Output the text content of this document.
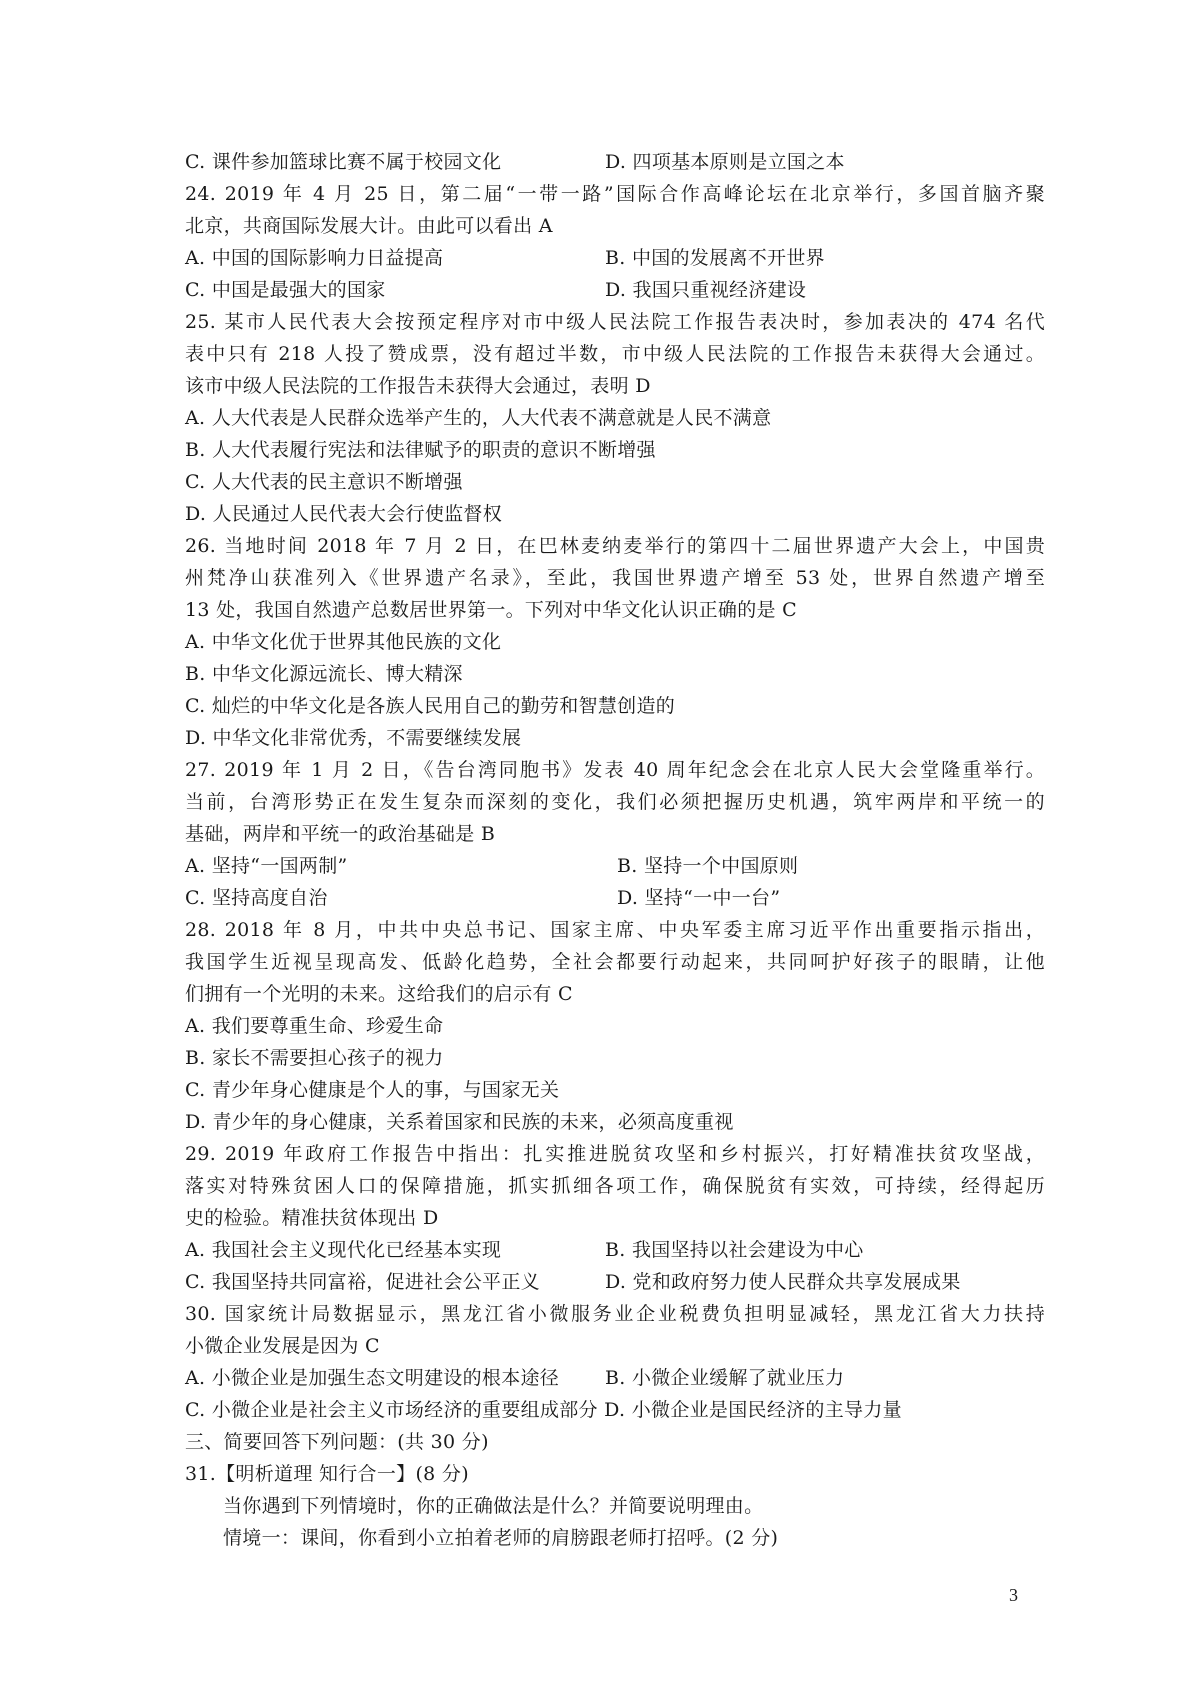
C. 课件参加篮球比赛不属于校园文化	D. 四项基本原则是立国之本
24. 2019 年 4 月 25 日，第二届“一带一路”国际合作高峰论坛在北京举行，多国首脑齐聚
北京，共商国际发展大计。由此可以看出 A
A. 中国的国际影响力日益提高	B. 中国的发展离不开世界
C. 中国是最强大的国家	D. 我国只重视经济建设
25. 某市人民代表大会按预定程序对市中级人民法院工作报告表决时，参加表决的 474 名代
表中只有 218 人投了赞成票，没有超过半数，市中级人民法院的工作报告未获得大会通过。
该市中级人民法院的工作报告未获得大会通过，表明 D
A. 人大代表是人民群众选举产生的，人大代表不满意就是人民不满意
B. 人大代表履行宪法和法律赋予的职责的意识不断增强
C. 人大代表的民主意识不断增强
D. 人民通过人民代表大会行使监督权
26. 当地时间 2018 年 7 月 2 日，在巴林麦纳麦举行的第四十二届世界遗产大会上，中国贵
州梵净山获准列入《世界遗产名录》，至此，我国世界遗产增至 53 处，世界自然遗产增至
13 处，我国自然遗产总数居世界第一。下列对中华文化认识正确的是 C
A. 中华文化优于世界其他民族的文化
B. 中华文化源远流长、博大精深
C. 灿烂的中华文化是各族人民用自己的勤劳和智慧创造的
D. 中华文化非常优秀，不需要继续发展
27. 2019 年 1 月 2 日，《告台湾同胞书》发表 40 周年纪念会在北京人民大会堂隆重举行。
当前，台湾形势正在发生复杂而深刻的变化，我们必须把握历史机遇，筑牢两岸和平统一的
基础，两岸和平统一的政治基础是 B
A. 坚持“一国两制”	B. 坚持一个中国原则
C. 坚持高度自治	D. 坚持“一中一台”
28. 2018 年 8 月，中共中央总书记、国家主席、中央军委主席习近平作出重要指示指出，
我国学生近视呈现高发、低龄化趋势，全社会都要行动起来，共同呵护好孩子的眼睛，让他
们拥有一个光明的未来。这给我们的启示有 C
A. 我们要尊重生命、珍爱生命
B. 家长不需要担心孩子的视力
C. 青少年身心健康是个人的事，与国家无关
D. 青少年的身心健康，关系着国家和民族的未来，必须高度重视
29. 2019 年政府工作报告中指出：扎实推进脱贫攻坚和乡村振兴，打好精准扶贫攻坚战，
落实对特殊贫困人口的保障措施，抓实抓细各项工作，确保脱贫有实效，可持续，经得起历
史的检验。精准扶贫体现出 D
A. 我国社会主义现代化已经基本实现	B. 我国坚持以社会建设为中心
C. 我国坚持共同富裕，促进社会公平正义	D. 党和政府努力使人民群众共享发展成果
30. 国家统计局数据显示，黑龙江省小微服务业企业税费负担明显减轻，黑龙江省大力扶持
小微企业发展是因为 C
A. 小微企业是加强生态文明建设的根本途径	B. 小微企业缓解了就业压力
C. 小微企业是社会主义市场经济的重要组成部分 D. 小微企业是国民经济的主导力量
三、简要回答下列问题：(共 30 分)
31.【明析道理 知行合一】(8 分)
当你遇到下列情境时，你的正确做法是什么？并简要说明理由。
情境一：课间，你看到小立拍着老师的肩膀跟老师打招呼。(2 分)
3
